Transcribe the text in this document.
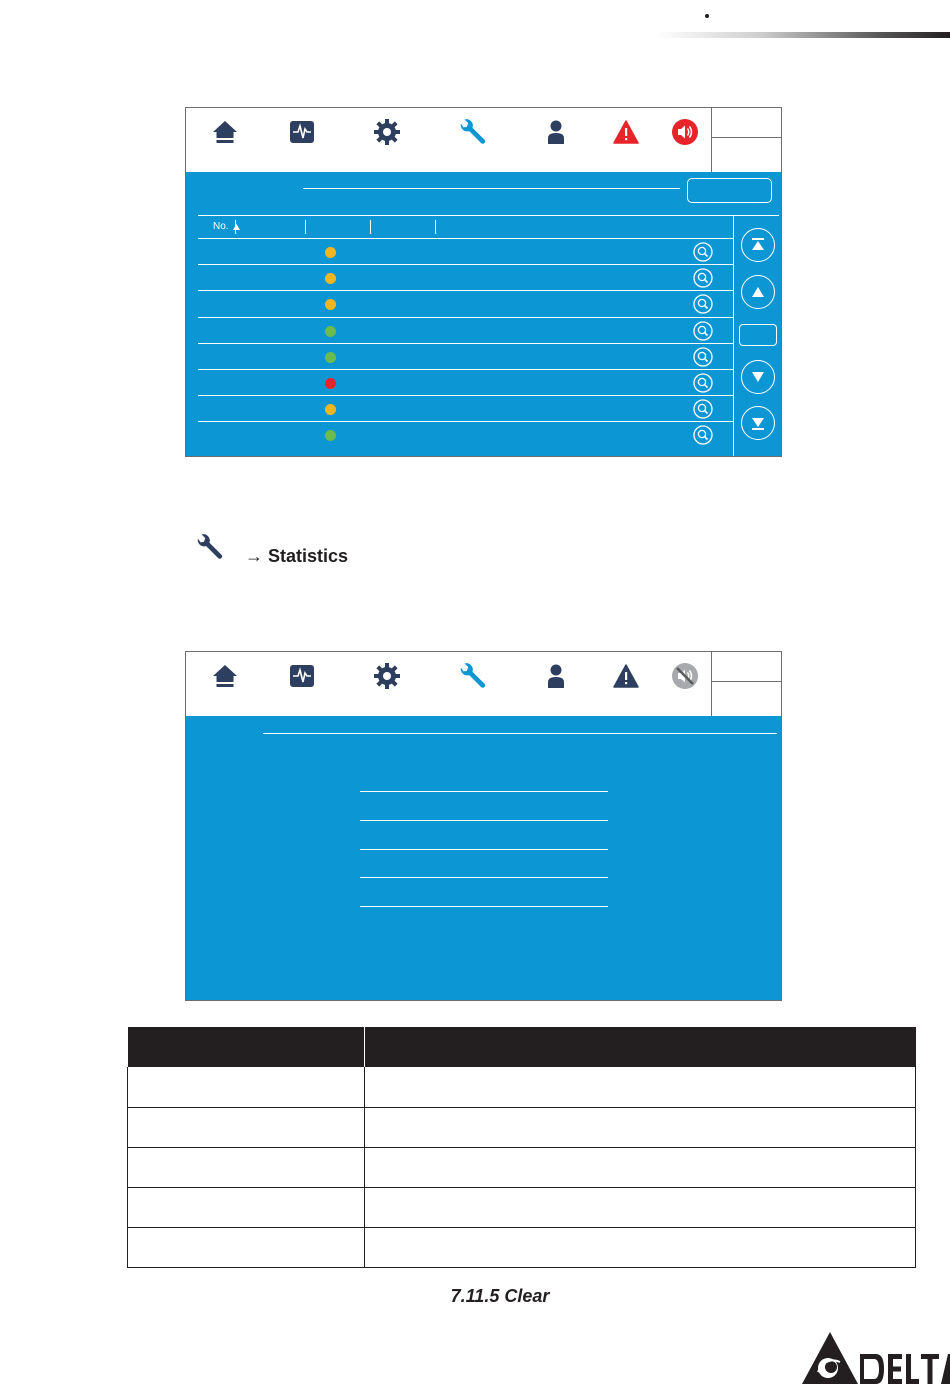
No.
→ Statistics

7.11.5 Clear
